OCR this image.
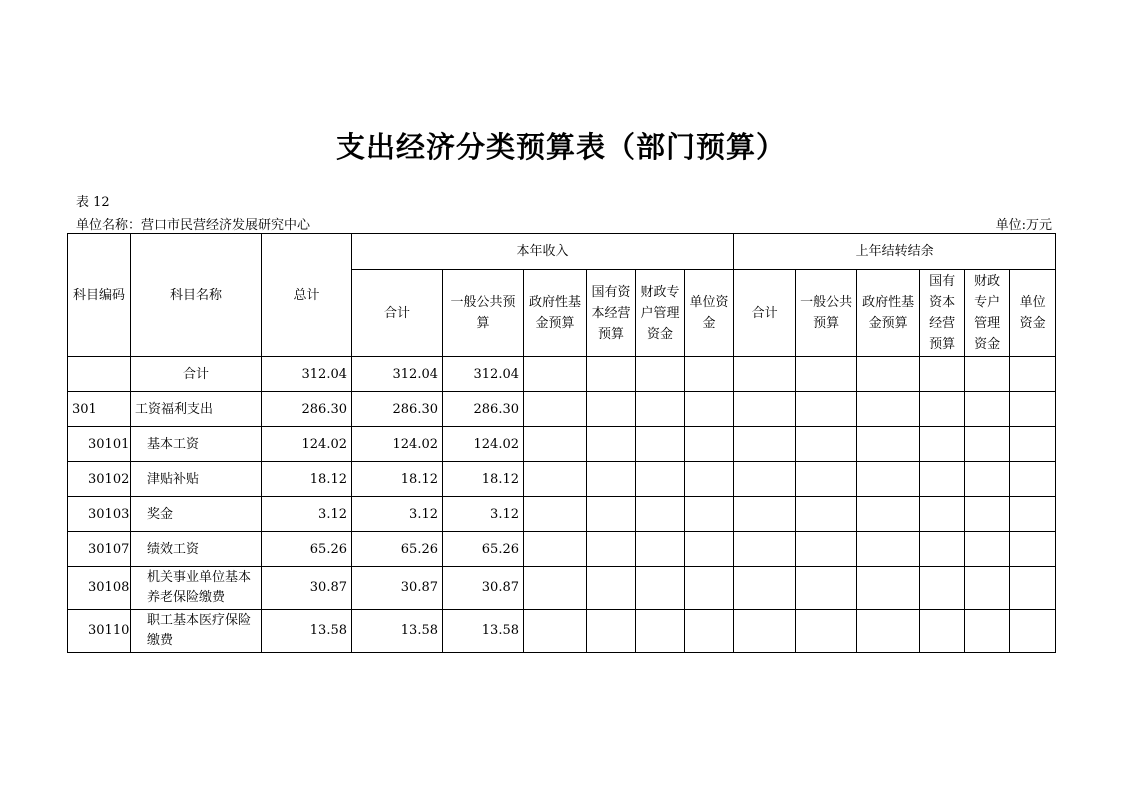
支出经济分类预算表（部门预算）
表 12
单位名称：营口市民营经济发展研究中心	单位:万元
科目编码	科目名称	总计	本年收入						上年结转结余					
			合计	一般公共预算	政府性基金预算	国有资本经营预算	财政专户管理资金	单位资金	合计	一般公共预算	政府性基金预算	国有资本经营预算	财政专户管理资金	单位资金
	合计	312.04	312.04	312.04										
301	工资福利支出	286.30	286.30	286.30										
30101	基本工资	124.02	124.02	124.02										
30102	津贴补贴	18.12	18.12	18.12										
30103	奖金	3.12	3.12	3.12										
30107	绩效工资	65.26	65.26	65.26										
30108	机关事业单位基本养老保险缴费	30.87	30.87	30.87										
30110	职工基本医疗保险缴费	13.58	13.58	13.58										
